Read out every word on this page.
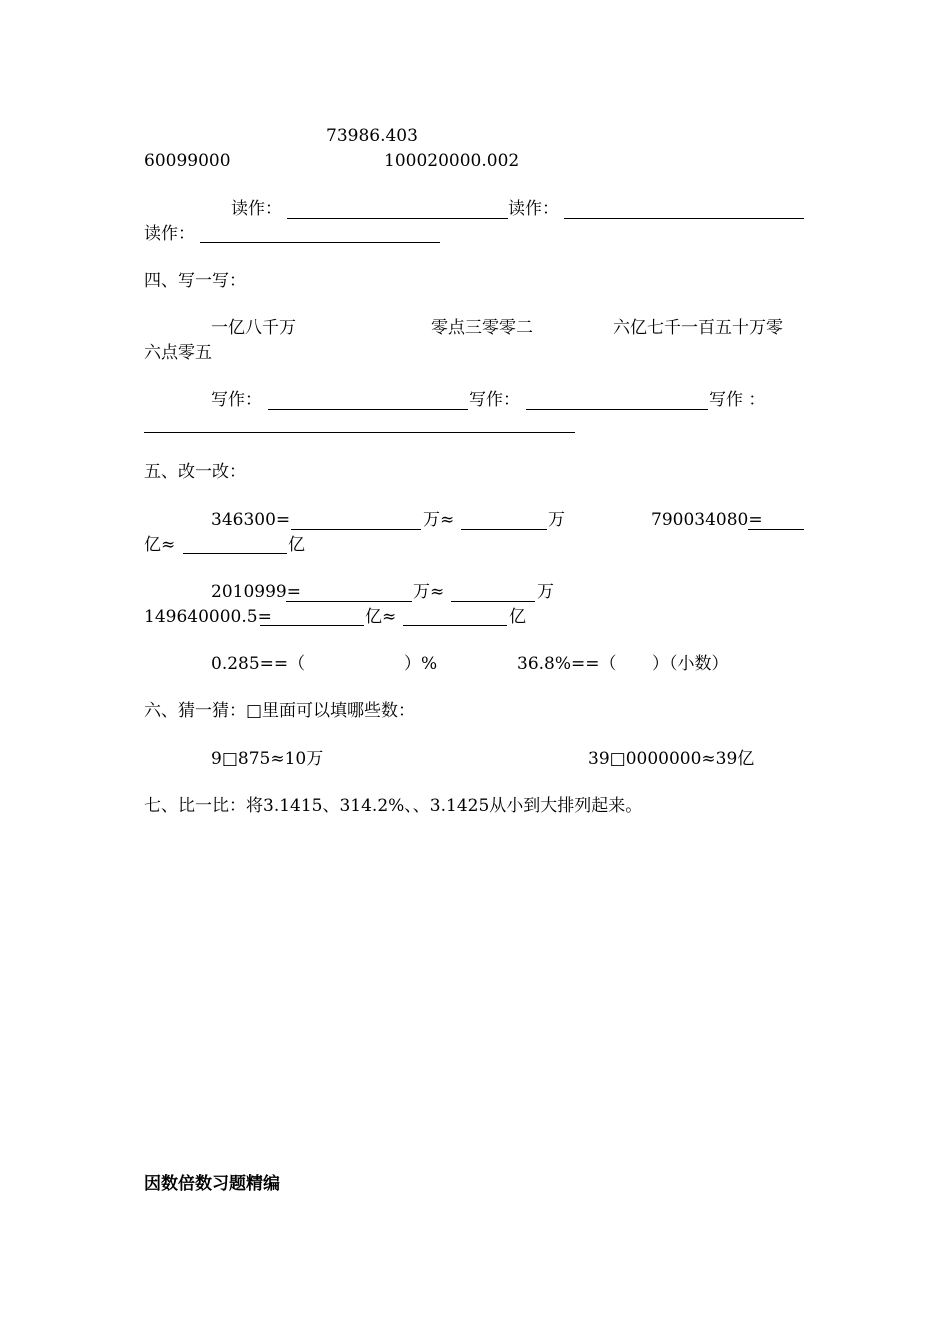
73986.403
60099000	100020000.002
读作：	读作：
读作：
四、写一写：
一亿八千万	零点三零零二	六亿七千一百五十万零
六点零五
写作：	写作：	写作 ：
五、改一改：
346300=	万≈	万	790034080=
亿≈	亿
2010999=	万≈	万
149640000.5=	亿≈	亿
0.285==（	）%	36.8%==（ ）（小数）
六、猜一猜：□里面可以填哪些数：
9□875≈10万	39□0000000≈39亿
七、比一比：将3.1415、314.2%、、3.1425从小到大排列起来。
因数倍数习题精编
